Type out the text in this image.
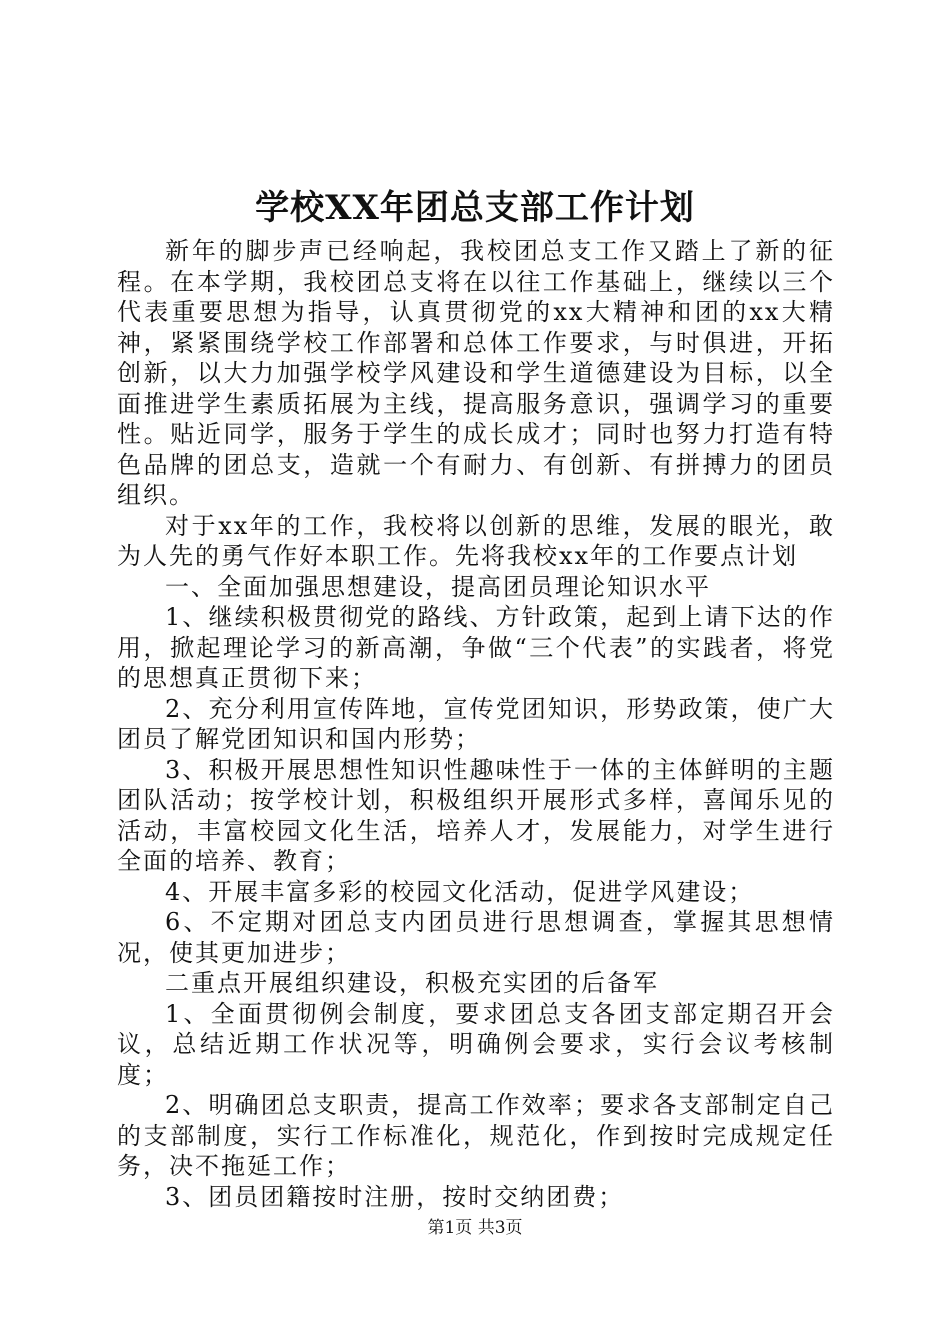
学校XX年团总支部工作计划

新年的脚步声已经响起，我校团总支工作又踏上了新的征程。在本学期，我校团总支将在以往工作基础上，继续以三个代表重要思想为指导，认真贯彻党的xx大精神和团的xx大精神，紧紧围绕学校工作部署和总体工作要求，与时俱进，开拓创新，以大力加强学校学风建设和学生道德建设为目标，以全面推进学生素质拓展为主线，提高服务意识，强调学习的重要性。贴近同学，服务于学生的成长成才；同时也努力打造有特色品牌的团总支，造就一个有耐力、有创新、有拼搏力的团员组织。

对于xx年的工作，我校将以创新的思维，发展的眼光，敢为人先的勇气作好本职工作。先将我校xx年的工作要点计划

一、全面加强思想建设，提高团员理论知识水平

1、继续积极贯彻党的路线、方针政策，起到上请下达的作用，掀起理论学习的新高潮，争做“三个代表”的实践者，将党的思想真正贯彻下来；

2、充分利用宣传阵地，宣传党团知识，形势政策，使广大团员了解党团知识和国内形势；

3、积极开展思想性知识性趣味性于一体的主体鲜明的主题团队活动；按学校计划，积极组织开展形式多样，喜闻乐见的活动，丰富校园文化生活，培养人才，发展能力，对学生进行全面的培养、教育；

4、开展丰富多彩的校园文化活动，促进学风建设；

6、不定期对团总支内团员进行思想调查，掌握其思想情况，使其更加进步；

二重点开展组织建设，积极充实团的后备军

1、全面贯彻例会制度，要求团总支各团支部定期召开会议，总结近期工作状况等，明确例会要求，实行会议考核制度；

2、明确团总支职责，提高工作效率；要求各支部制定自己的支部制度，实行工作标准化，规范化，作到按时完成规定任务，决不拖延工作；

3、团员团籍按时注册，按时交纳团费；

第1页 共3页
